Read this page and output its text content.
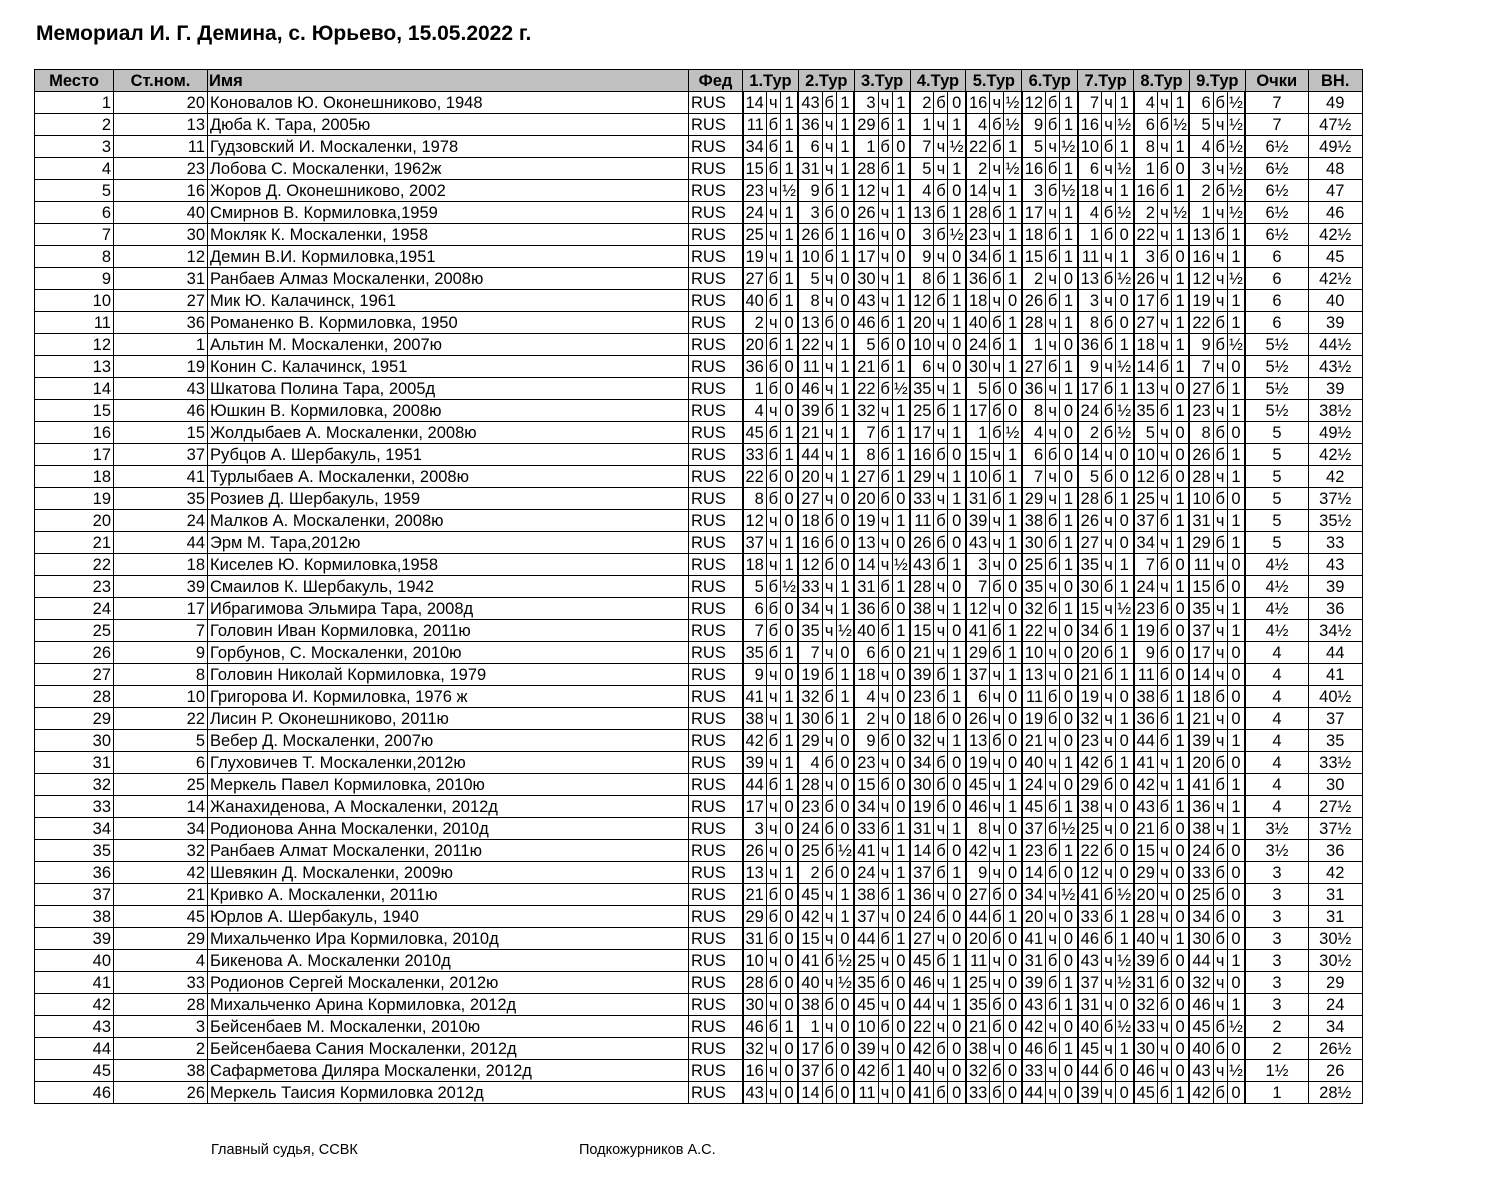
Мемориал И. Г. Демина, с. Юрьево, 15.05.2022 г.
Место	Ст.ном.	Имя	Фед	1.Тур			2.Тур			3.Тур			4.Тур			5.Тур			6.Тур			7.Тур			8.Тур			9.Тур			Очки	ВН.
1	20	Коновалов Ю. Оконешниково, 1948	RUS	14	ч	1	43	б	1	3	ч	1	2	б	0	16	ч	½	12	б	1	7	ч	1	4	ч	1	6	б	½	7	49
2	13	Дюба К. Тара, 2005ю	RUS	11	б	1	36	ч	1	29	б	1	1	ч	1	4	б	½	9	б	1	16	ч	½	6	б	½	5	ч	½	7	47½
3	11	Гудзовский И. Москаленки, 1978	RUS	34	б	1	6	ч	1	1	б	0	7	ч	½	22	б	1	5	ч	½	10	б	1	8	ч	1	4	б	½	6½	49½
4	23	Лобова С. Москаленки, 1962ж	RUS	15	б	1	31	ч	1	28	б	1	5	ч	1	2	ч	½	16	б	1	6	ч	½	1	б	0	3	ч	½	6½	48
5	16	Жоров Д. Оконешниково, 2002	RUS	23	ч	½	9	б	1	12	ч	1	4	б	0	14	ч	1	3	б	½	18	ч	1	16	б	1	2	б	½	6½	47
6	40	Смирнов В. Кормиловка,1959	RUS	24	ч	1	3	б	0	26	ч	1	13	б	1	28	б	1	17	ч	1	4	б	½	2	ч	½	1	ч	½	6½	46
7	30	Мокляк К. Москаленки, 1958	RUS	25	ч	1	26	б	1	16	ч	0	3	б	½	23	ч	1	18	б	1	1	б	0	22	ч	1	13	б	1	6½	42½
8	12	Демин В.И. Кормиловка,1951	RUS	19	ч	1	10	б	1	17	ч	0	9	ч	0	34	б	1	15	б	1	11	ч	1	3	б	0	16	ч	1	6	45
9	31	Ранбаев Алмаз Москаленки, 2008ю	RUS	27	б	1	5	ч	0	30	ч	1	8	б	1	36	б	1	2	ч	0	13	б	½	26	ч	1	12	ч	½	6	42½
10	27	Мик Ю. Калачинск, 1961	RUS	40	б	1	8	ч	0	43	ч	1	12	б	1	18	ч	0	26	б	1	3	ч	0	17	б	1	19	ч	1	6	40
11	36	Романенко В. Кормиловка, 1950	RUS	2	ч	0	13	б	0	46	б	1	20	ч	1	40	б	1	28	ч	1	8	б	0	27	ч	1	22	б	1	6	39
12	1	Альтин М. Москаленки, 2007ю	RUS	20	б	1	22	ч	1	5	б	0	10	ч	0	24	б	1	1	ч	0	36	б	1	18	ч	1	9	б	½	5½	44½
13	19	Конин С. Калачинск, 1951	RUS	36	б	0	11	ч	1	21	б	1	6	ч	0	30	ч	1	27	б	1	9	ч	½	14	б	1	7	ч	0	5½	43½
14	43	Шкатова Полина Тара, 2005д	RUS	1	б	0	46	ч	1	22	б	½	35	ч	1	5	б	0	36	ч	1	17	б	1	13	ч	0	27	б	1	5½	39
15	46	Юшкин В. Кормиловка, 2008ю	RUS	4	ч	0	39	б	1	32	ч	1	25	б	1	17	б	0	8	ч	0	24	б	½	35	б	1	23	ч	1	5½	38½
16	15	Жолдыбаев А. Москаленки, 2008ю	RUS	45	б	1	21	ч	1	7	б	1	17	ч	1	1	б	½	4	ч	0	2	б	½	5	ч	0	8	б	0	5	49½
17	37	Рубцов А. Шербакуль, 1951	RUS	33	б	1	44	ч	1	8	б	1	16	б	0	15	ч	1	6	б	0	14	ч	0	10	ч	0	26	б	1	5	42½
18	41	Турлыбаев А. Москаленки, 2008ю	RUS	22	б	0	20	ч	1	27	б	1	29	ч	1	10	б	1	7	ч	0	5	б	0	12	б	0	28	ч	1	5	42
19	35	Розиев Д. Шербакуль, 1959	RUS	8	б	0	27	ч	0	20	б	0	33	ч	1	31	б	1	29	ч	1	28	б	1	25	ч	1	10	б	0	5	37½
20	24	Малков А. Москаленки, 2008ю	RUS	12	ч	0	18	б	0	19	ч	1	11	б	0	39	ч	1	38	б	1	26	ч	0	37	б	1	31	ч	1	5	35½
21	44	Эрм М. Тара,2012ю	RUS	37	ч	1	16	б	0	13	ч	0	26	б	0	43	ч	1	30	б	1	27	ч	0	34	ч	1	29	б	1	5	33
22	18	Киселев Ю. Кормиловка,1958	RUS	18	ч	1	12	б	0	14	ч	½	43	б	1	3	ч	0	25	б	1	35	ч	1	7	б	0	11	ч	0	4½	43
23	39	Смаилов К. Шербакуль, 1942	RUS	5	б	½	33	ч	1	31	б	1	28	ч	0	7	б	0	35	ч	0	30	б	1	24	ч	1	15	б	0	4½	39
24	17	Ибрагимова Эльмира Тара, 2008д	RUS	6	б	0	34	ч	1	36	б	0	38	ч	1	12	ч	0	32	б	1	15	ч	½	23	б	0	35	ч	1	4½	36
25	7	Головин Иван Кормиловка, 2011ю	RUS	7	б	0	35	ч	½	40	б	1	15	ч	0	41	б	1	22	ч	0	34	б	1	19	б	0	37	ч	1	4½	34½
26	9	Горбунов, С. Москаленки, 2010ю	RUS	35	б	1	7	ч	0	6	б	0	21	ч	1	29	б	1	10	ч	0	20	б	1	9	б	0	17	ч	0	4	44
27	8	Головин Николай Кормиловка, 1979	RUS	9	ч	0	19	б	1	18	ч	0	39	б	1	37	ч	1	13	ч	0	21	б	1	11	б	0	14	ч	0	4	41
28	10	Григорова И. Кормиловка, 1976 ж	RUS	41	ч	1	32	б	1	4	ч	0	23	б	1	6	ч	0	11	б	0	19	ч	0	38	б	1	18	б	0	4	40½
29	22	Лисин Р. Оконешниково, 2011ю	RUS	38	ч	1	30	б	1	2	ч	0	18	б	0	26	ч	0	19	б	0	32	ч	1	36	б	1	21	ч	0	4	37
30	5	Вебер Д. Москаленки, 2007ю	RUS	42	б	1	29	ч	0	9	б	0	32	ч	1	13	б	0	21	ч	0	23	ч	0	44	б	1	39	ч	1	4	35
31	6	Глуховичев Т. Москаленки,2012ю	RUS	39	ч	1	4	б	0	23	ч	0	34	б	0	19	ч	0	40	ч	1	42	б	1	41	ч	1	20	б	0	4	33½
32	25	Меркель Павел Кормиловка, 2010ю	RUS	44	б	1	28	ч	0	15	б	0	30	б	0	45	ч	1	24	ч	0	29	б	0	42	ч	1	41	б	1	4	30
33	14	Жанахиденова, А Москаленки, 2012д	RUS	17	ч	0	23	б	0	34	ч	0	19	б	0	46	ч	1	45	б	1	38	ч	0	43	б	1	36	ч	1	4	27½
34	34	Родионова Анна Москаленки, 2010д	RUS	3	ч	0	24	б	0	33	б	1	31	ч	1	8	ч	0	37	б	½	25	ч	0	21	б	0	38	ч	1	3½	37½
35	32	Ранбаев Алмат Москаленки, 2011ю	RUS	26	ч	0	25	б	½	41	ч	1	14	б	0	42	ч	1	23	б	1	22	б	0	15	ч	0	24	б	0	3½	36
36	42	Шевякин Д. Москаленки, 2009ю	RUS	13	ч	1	2	б	0	24	ч	1	37	б	1	9	ч	0	14	б	0	12	ч	0	29	ч	0	33	б	0	3	42
37	21	Кривко А. Москаленки, 2011ю	RUS	21	б	0	45	ч	1	38	б	1	36	ч	0	27	б	0	34	ч	½	41	б	½	20	ч	0	25	б	0	3	31
38	45	Юрлов А. Шербакуль, 1940	RUS	29	б	0	42	ч	1	37	ч	0	24	б	0	44	б	1	20	ч	0	33	б	1	28	ч	0	34	б	0	3	31
39	29	Михальченко Ира Кормиловка, 2010д	RUS	31	б	0	15	ч	0	44	б	1	27	ч	0	20	б	0	41	ч	0	46	б	1	40	ч	1	30	б	0	3	30½
40	4	Бикенова А. Москаленки 2010д	RUS	10	ч	0	41	б	½	25	ч	0	45	б	1	11	ч	0	31	б	0	43	ч	½	39	б	0	44	ч	1	3	30½
41	33	Родионов Сергей Москаленки, 2012ю	RUS	28	б	0	40	ч	½	35	б	0	46	ч	1	25	ч	0	39	б	1	37	ч	½	31	б	0	32	ч	0	3	29
42	28	Михальченко Арина Кормиловка, 2012д	RUS	30	ч	0	38	б	0	45	ч	0	44	ч	1	35	б	0	43	б	1	31	ч	0	32	б	0	46	ч	1	3	24
43	3	Бейсенбаев М. Москаленки, 2010ю	RUS	46	б	1	1	ч	0	10	б	0	22	ч	0	21	б	0	42	ч	0	40	б	½	33	ч	0	45	б	½	2	34
44	2	Бейсенбаева Сания Москаленки, 2012д	RUS	32	ч	0	17	б	0	39	ч	0	42	б	0	38	ч	0	46	б	1	45	ч	1	30	ч	0	40	б	0	2	26½
45	38	Сафарметова Диляра Москаленки, 2012д	RUS	16	ч	0	37	б	0	42	б	1	40	ч	0	32	б	0	33	ч	0	44	б	0	46	ч	0	43	ч	½	1½	26
46	26	Меркель Таисия Кормиловка 2012д	RUS	43	ч	0	14	б	0	11	ч	0	41	б	0	33	б	0	44	ч	0	39	ч	0	45	б	1	42	б	0	1	28½
Главный судья, ССВК	Подкожурников А.С.
